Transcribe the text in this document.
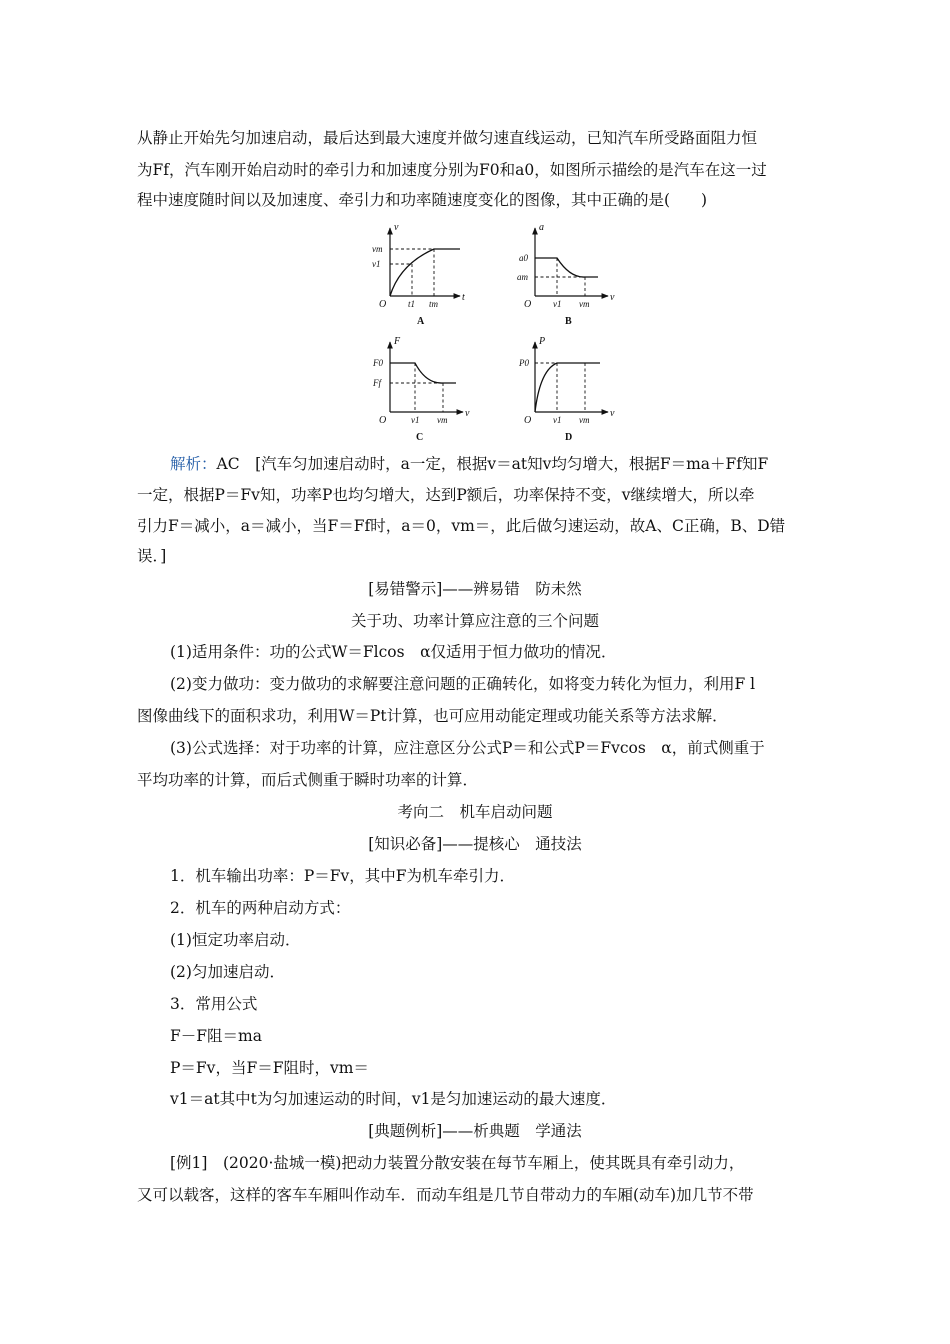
从静止开始先匀加速启动，最后达到最大速度并做匀速直线运动，已知汽车所受路面阻力恒
为Ff，汽车刚开始启动时的牵引力和加速度分别为F0和a0，如图所示描绘的是汽车在这一过
程中速度随时间以及加速度、牵引力和功率随速度变化的图像，其中正确的是(　　)
v
t
O
vm
v1
t1 tm
A
a
v
O
a0
am
v1 vm
B
F
v
O
F0
Ff
v1 vm
C
P
v
O
P0
v1 vm
D
解析：AC　[汽车匀加速启动时，a一定，根据v＝at知v均匀增大，根据F＝ma＋Ff知F
一定，根据P＝Fv知，功率P也均匀增大，达到P额后，功率保持不变，v继续增大，所以牵
引力F＝减小，a＝减小，当F＝Ff时，a＝0，vm＝，此后做匀速运动，故A、C正确，B、D错
误．]
[易错警示]——辨易错　防未然
关于功、功率计算应注意的三个问题
(1)适用条件：功的公式W＝Flcos　α仅适用于恒力做功的情况．
(2)变力做功：变力做功的求解要注意问题的正确转化，如将变力转化为恒力，利用F l
图像曲线下的面积求功，利用W＝Pt计算，也可应用动能定理或功能关系等方法求解．
(3)公式选择：对于功率的计算，应注意区分公式P＝和公式P＝Fvcos　α，前式侧重于
平均功率的计算，而后式侧重于瞬时功率的计算．
考向二　机车启动问题
[知识必备]——提核心　通技法
1．机车输出功率：P＝Fv，其中F为机车牵引力．
2．机车的两种启动方式：
(1)恒定功率启动．
(2)匀加速启动．
3．常用公式
F－F阻＝ma
P＝Fv，当F＝F阻时，vm＝
v1＝at其中t为匀加速运动的时间，v1是匀加速运动的最大速度．
[典题例析]——析典题　学通法
[例1]　(2020·盐城一模)把动力装置分散安装在每节车厢上，使其既具有牵引动力，
又可以载客，这样的客车车厢叫作动车．而动车组是几节自带动力的车厢(动车)加几节不带
